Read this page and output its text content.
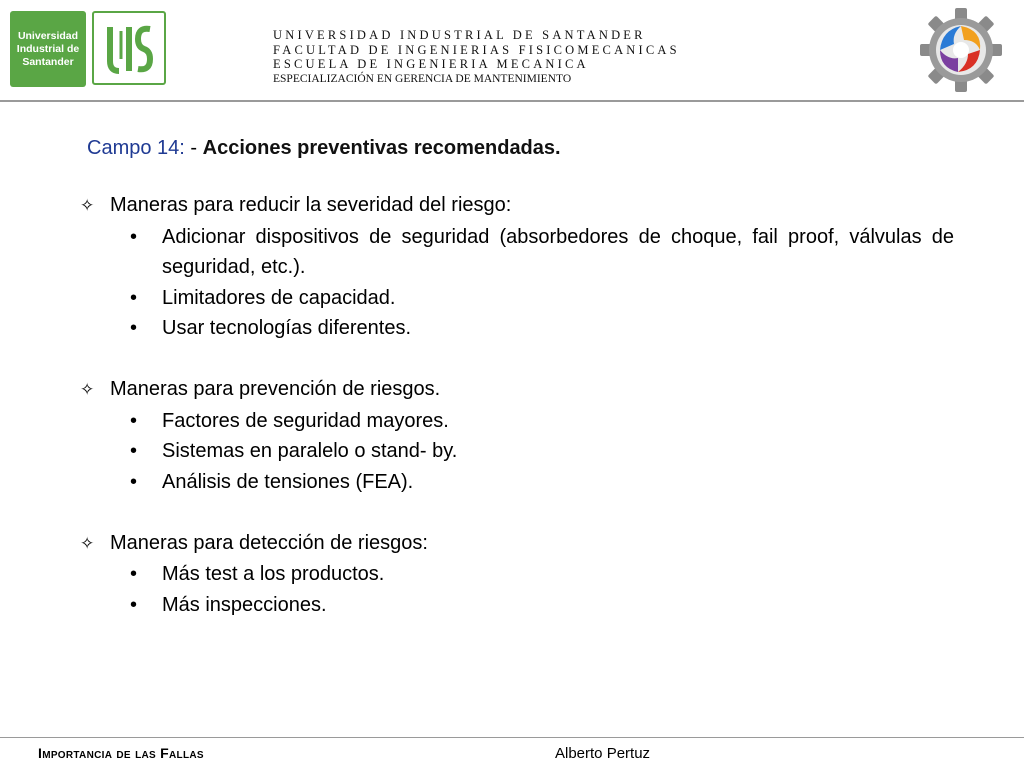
Universidad
Industrial de
Santander
UNIVERSIDAD INDUSTRIAL DE SANTANDER
FACULTAD DE INGENIERIAS FISICOMECANICAS
ESCUELA DE INGENIERIA MECANICA
ESPECIALIZACIÓN EN GERENCIA DE MANTENIMIENTO
Campo 14: - Acciones preventivas recomendadas.
✧ Maneras para reducir la severidad del riesgo:
•	Adicionar dispositivos de seguridad (absorbedores de choque, fail proof, válvulas de seguridad, etc.).
•	Limitadores de capacidad.
•	Usar tecnologías diferentes.
✧ Maneras para prevención de riesgos.
•	Factores de seguridad mayores.
•	Sistemas en paralelo o stand- by.
•	Análisis de tensiones (FEA).
✧ Maneras para detección de riesgos:
•	Más test a los productos.
•	Más inspecciones.
Importancia de las Fallas	Alberto Pertuz
